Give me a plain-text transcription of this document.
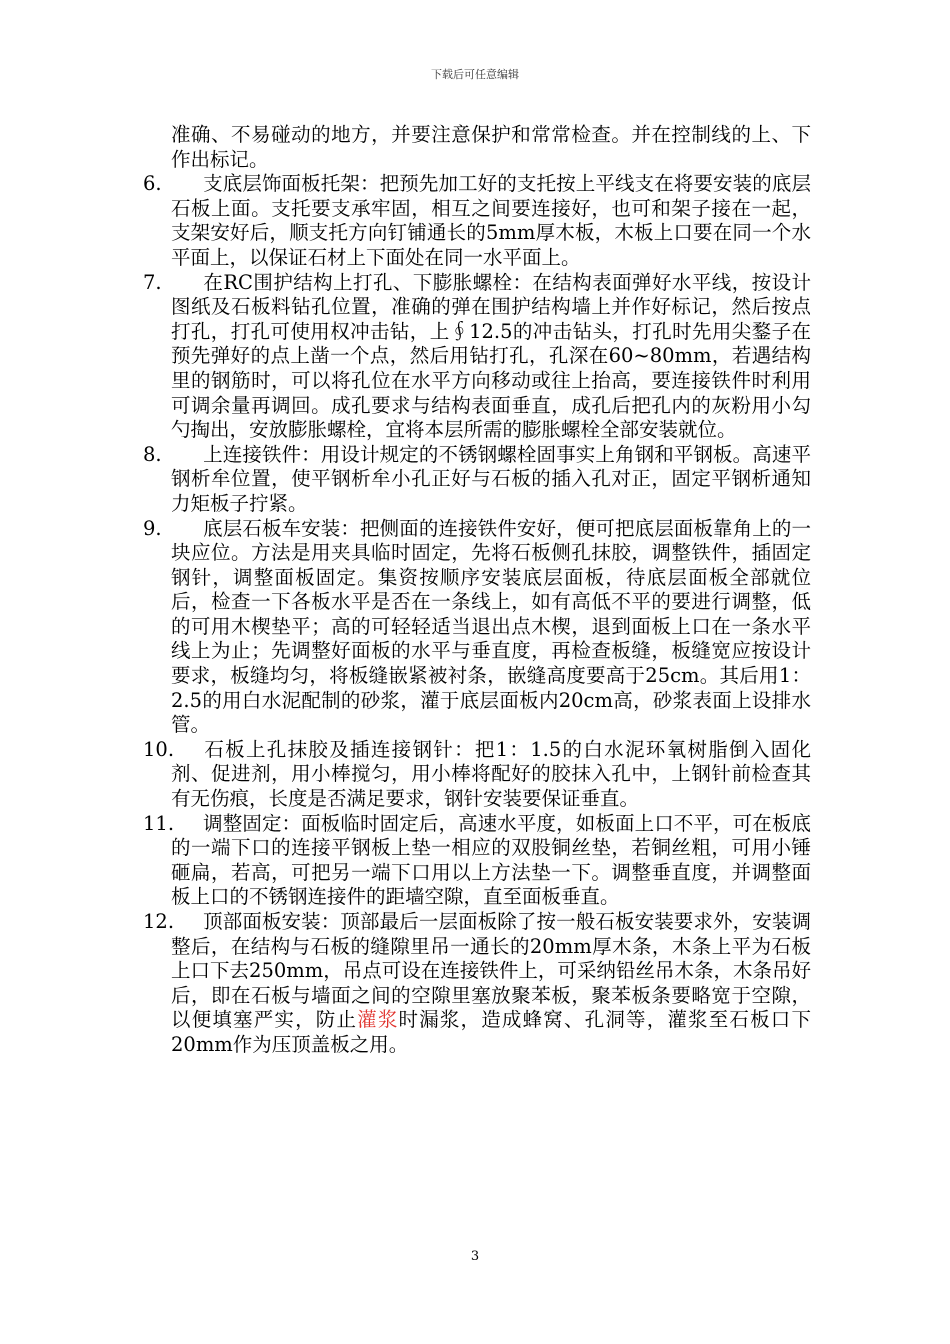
下载后可任意编辑

准确、不易碰动的地方，并要注意保护和常常检查。并在控制线的上、下作出标记。

6.	支底层饰面板托架：把预先加工好的支托按上平线支在将要安装的底层石板上面。支托要支承牢固，相互之间要连接好，也可和架子接在一起，支架安好后，顺支托方向钉铺通长的5mm厚木板，木板上口要在同一个水平面上，以保证石材上下面处在同一水平面上。

7.	在RC围护结构上打孔、下膨胀螺栓：在结构表面弹好水平线，按设计图纸及石板料钻孔位置，准确的弹在围护结构墙上并作好标记，然后按点打孔，打孔可使用权冲击钻，上∮12.5的冲击钻头，打孔时先用尖鍪子在预先弹好的点上凿一个点，然后用钻打孔，孔深在60~80mm，若遇结构里的钢筋时，可以将孔位在水平方向移动或往上抬高，要连接铁件时利用可调余量再调回。成孔要求与结构表面垂直，成孔后把孔内的灰粉用小勾勺掏出，安放膨胀螺栓，宜将本层所需的膨胀螺栓全部安装就位。

8.	上连接铁件：用设计规定的不锈钢螺栓固事实上角钢和平钢板。高速平钢析牟位置，使平钢析牟小孔正好与石板的插入孔对正，固定平钢析通知力矩板子拧紧。

9.	底层石板车安装：把侧面的连接铁件安好，便可把底层面板靠角上的一块应位。方法是用夹具临时固定，先将石板侧孔抹胶，调整铁件，插固定钢针，调整面板固定。集资按顺序安装底层面板，待底层面板全部就位后，检查一下各板水平是否在一条线上，如有高低不平的要进行调整，低的可用木楔垫平；高的可轻轻适当退出点木楔，退到面板上口在一条水平线上为止；先调整好面板的水平与垂直度，再检查板缝，板缝宽应按设计要求，板缝均匀，将板缝嵌紧被衬条，嵌缝高度要高于25cm。其后用1：2.5的用白水泥配制的砂浆，灌于底层面板内20cm高，砂浆表面上设排水管。

10.	石板上孔抹胶及插连接钢针：把1：1.5的白水泥环氧树脂倒入固化剂、促进剂，用小棒搅匀，用小棒将配好的胶抹入孔中，上钢针前检查其有无伤痕，长度是否满足要求，钢针安装要保证垂直。

11.	调整固定：面板临时固定后，高速水平度，如板面上口不平，可在板底的一端下口的连接平钢板上垫一相应的双股铜丝垫，若铜丝粗，可用小锤砸扁，若高，可把另一端下口用以上方法垫一下。调整垂直度，并调整面板上口的不锈钢连接件的距墙空隙，直至面板垂直。

12.	顶部面板安装：顶部最后一层面板除了按一般石板安装要求外，安装调整后，在结构与石板的缝隙里吊一通长的20mm厚木条，木条上平为石板上口下去250mm，吊点可设在连接铁件上，可采纳铅丝吊木条，木条吊好后，即在石板与墙面之间的空隙里塞放聚苯板，聚苯板条要略宽于空隙，以便填塞严实，防止灌浆时漏浆，造成蜂窝、孔洞等，灌浆至石板口下20mm作为压顶盖板之用。

3
